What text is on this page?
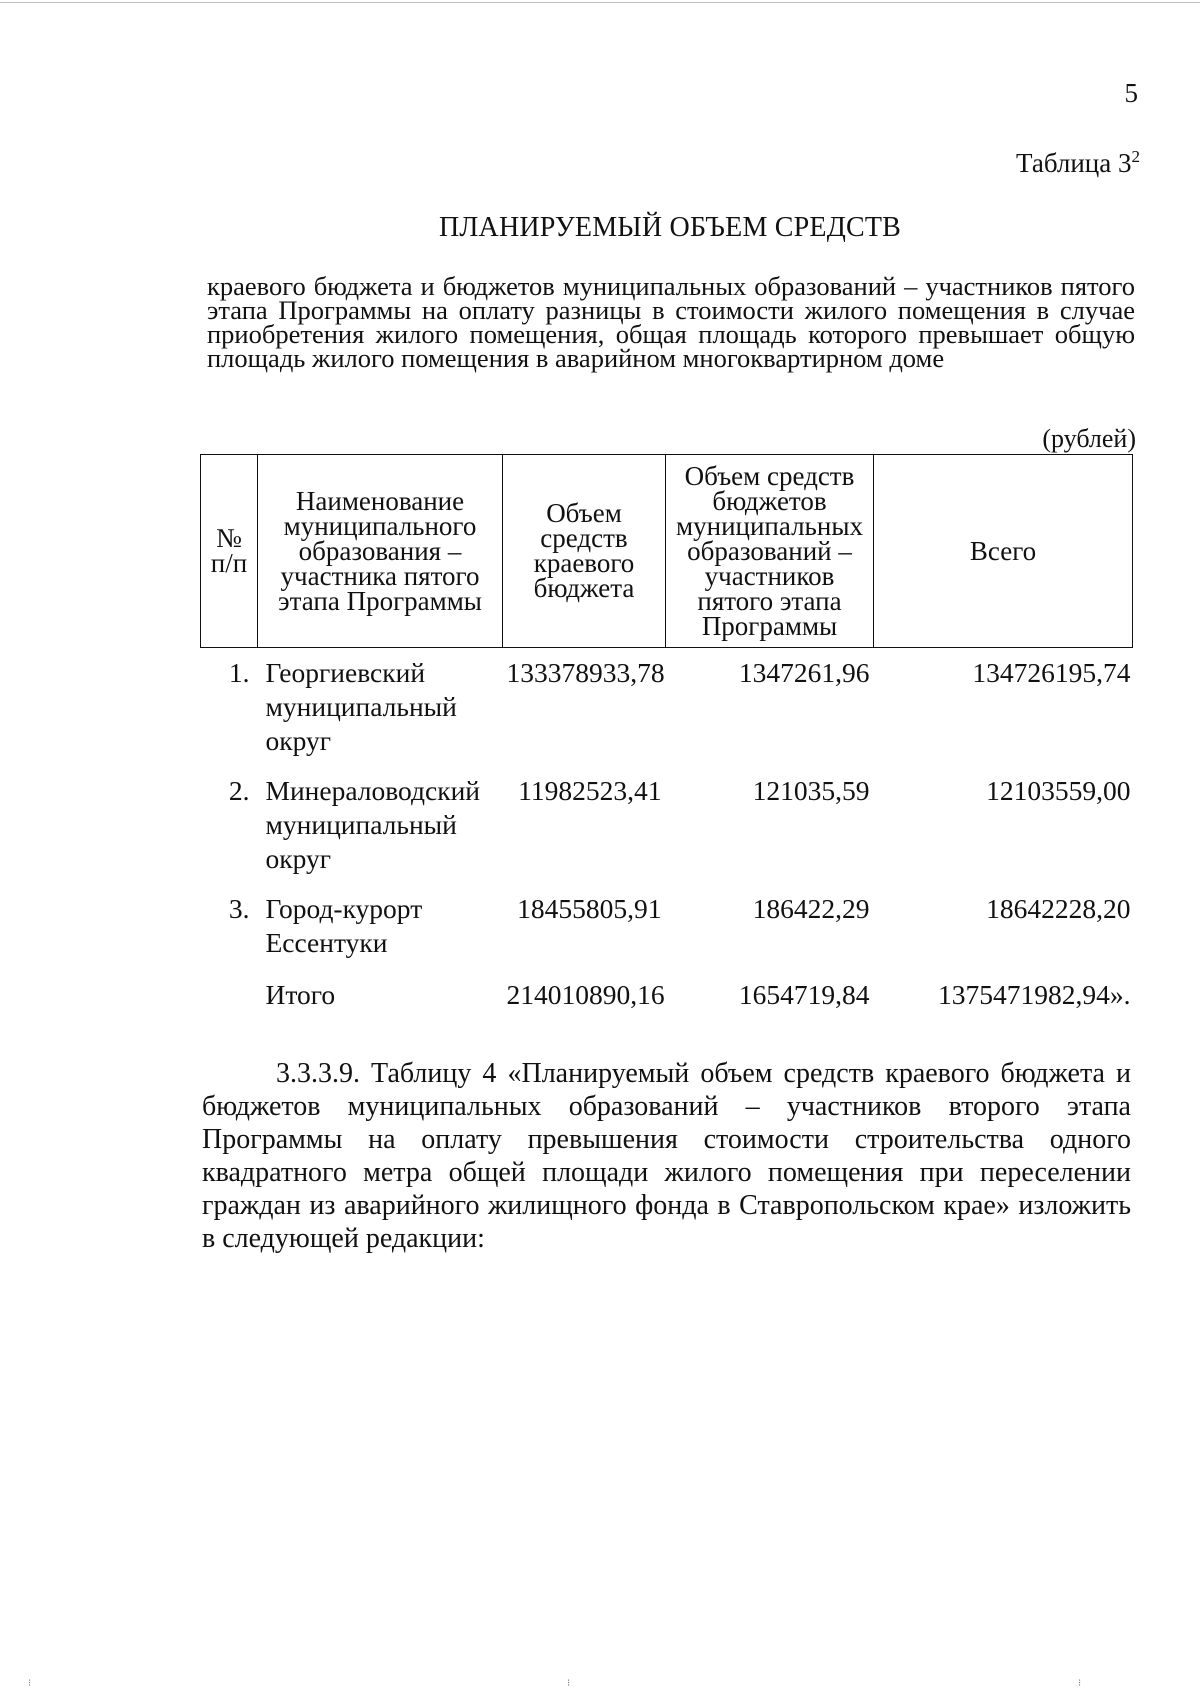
5
Таблица $3^2$
ПЛАНИРУЕМЫЙ ОБЪЕМ СРЕДСТВ
краевого бюджета и бюджетов муниципальных образований – участников пятого этапа Программы на оплату разницы в стоимости жилого помещения в случае приобретения жилого помещения, общая площадь которого превышает общую площадь жилого помещения в аварийном многоквартирном доме
(рублей)
№ п/п	Наименование муниципального образования – участника пятого этапа Программы	Объем средств краевого бюджета	Объем средств бюджетов муниципальных образований – участников пятого этапа Программы	Всего
1.	Георгиевский муниципальный округ	133378933,78	1347261,96	134726195,74
2.	Минераловодский муниципальный округ	11982523,41	121035,59	12103559,00
3.	Город-курорт Ессентуки	18455805,91	186422,29	18642228,20
	Итого	214010890,16	1654719,84	1375471982,94».
3.3.3.9. Таблицу 4 «Планируемый объем средств краевого бюджета и бюджетов муниципальных образований – участников второго этапа Программы на оплату превышения стоимости строительства одного квадратного метра общей площади жилого помещения при переселении граждан из аварийного жилищного фонда в Ставропольском крае» изложить в следующей редакции:
⁝	⁝	⁝
